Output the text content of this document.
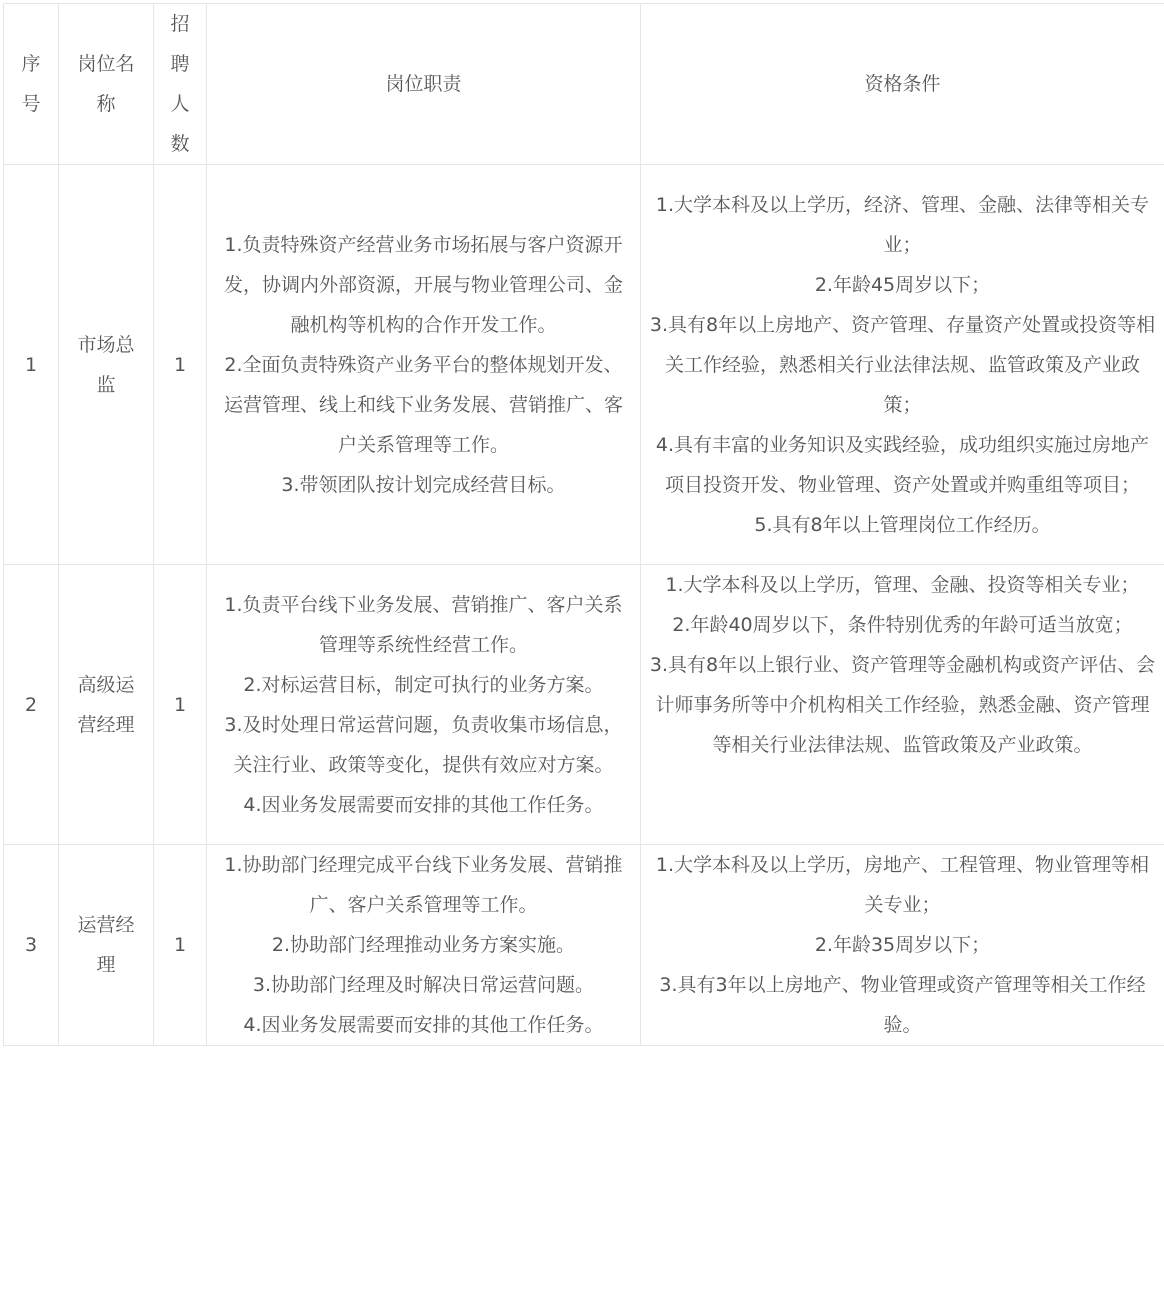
序号	岗位名称	招聘人数	岗位职责	资格条件
1	市场总监	1	1.负责特殊资产经营业务市场拓展与客户资源开发，协调内外部资源，开展与物业管理公司、金融机构等机构的合作开发工作。
2.全面负责特殊资产业务平台的整体规划开发、运营管理、线上和线下业务发展、营销推广、客户关系管理等工作。
3.带领团队按计划完成经营目标。	1.大学本科及以上学历，经济、管理、金融、法律等相关专业；
2.年龄45周岁以下；
3.具有8年以上房地产、资产管理、存量资产处置或投资等相关工作经验，熟悉相关行业法律法规、监管政策及产业政策；
4.具有丰富的业务知识及实践经验，成功组织实施过房地产项目投资开发、物业管理、资产处置或并购重组等项目；
5.具有8年以上管理岗位工作经历。

2	高级运营经理	1	1.负责平台线下业务发展、营销推广、客户关系管理等系统性经营工作。
2.对标运营目标，制定可执行的业务方案。
3.及时处理日常运营问题，负责收集市场信息，关注行业、政策等变化，提供有效应对方案。
4.因业务发展需要而安排的其他工作任务。	1.大学本科及以上学历，管理、金融、投资等相关专业；
2.年龄40周岁以下，条件特别优秀的年龄可适当放宽；
3.具有8年以上银行业、资产管理等金融机构或资产评估、会计师事务所等中介机构相关工作经验，熟悉金融、资产管理等相关行业法律法规、监管政策及产业政策。

3	运营经理	1	1.协助部门经理完成平台线下业务发展、营销推广、客户关系管理等工作。
2.协助部门经理推动业务方案实施。
3.协助部门经理及时解决日常运营问题。
4.因业务发展需要而安排的其他工作任务。	1.大学本科及以上学历，房地产、工程管理、物业管理等相关专业；
2.年龄35周岁以下；
3.具有3年以上房地产、物业管理或资产管理等相关工作经验。
